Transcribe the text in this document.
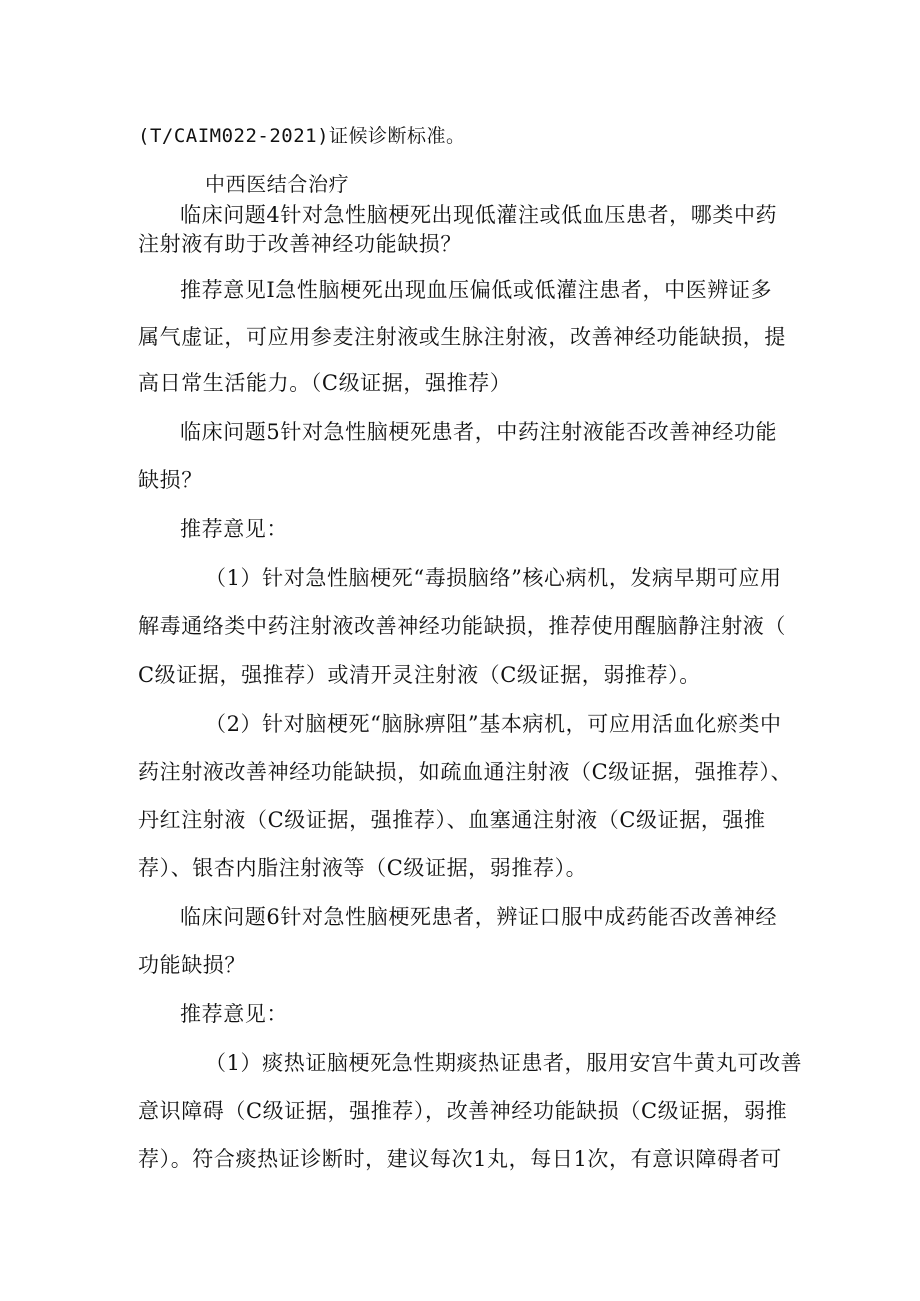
(T/CAIM022-2021)证候诊断标准。
中西医结合治疗
临床问题4针对急性脑梗死出现低灌注或低血压患者，哪类中药
注射液有助于改善神经功能缺损？
推荐意见I急性脑梗死出现血压偏低或低灌注患者，中医辨证多
属气虚证，可应用参麦注射液或生脉注射液，改善神经功能缺损，提
高日常生活能力。（C级证据，强推荐）
临床问题5针对急性脑梗死患者，中药注射液能否改善神经功能
缺损？
推荐意见：
（1）针对急性脑梗死“毒损脑络”核心病机，发病早期可应用
解毒通络类中药注射液改善神经功能缺损，推荐使用醒脑静注射液（
C级证据，强推荐）或清开灵注射液（C级证据，弱推荐）。
（2）针对脑梗死“脑脉痹阻”基本病机，可应用活血化瘀类中
药注射液改善神经功能缺损，如疏血通注射液（C级证据，强推荐）、
丹红注射液（C级证据，强推荐）、血塞通注射液（C级证据，强推
荐）、银杏内脂注射液等（C级证据，弱推荐）。
临床问题6针对急性脑梗死患者，辨证口服中成药能否改善神经
功能缺损？
推荐意见：
（1）痰热证脑梗死急性期痰热证患者，服用安宫牛黄丸可改善
意识障碍（C级证据，强推荐），改善神经功能缺损（C级证据，弱推
荐）。符合痰热证诊断时，建议每次1丸，每日1次，有意识障碍者可
